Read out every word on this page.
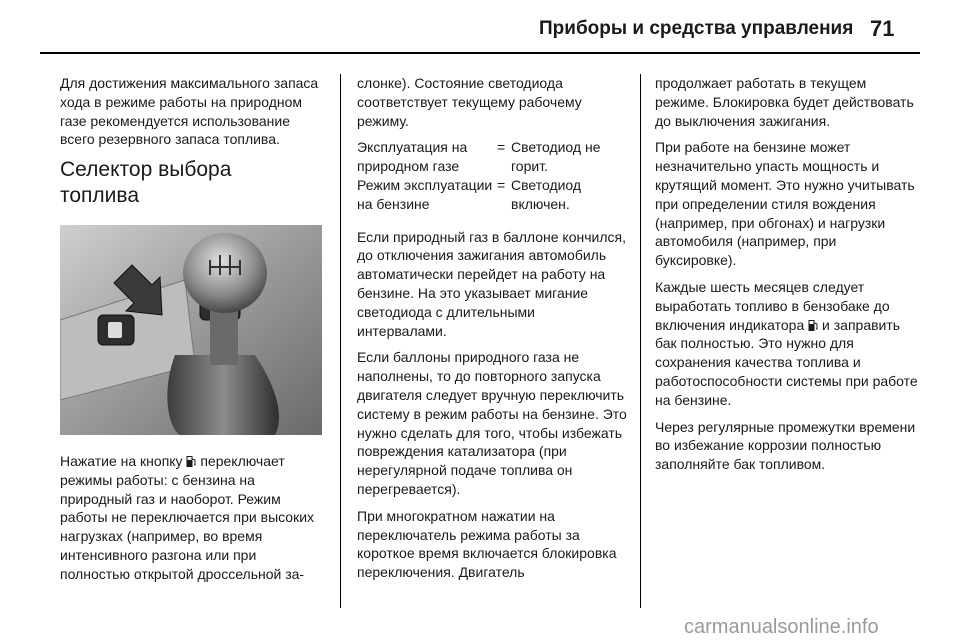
Приборы и средства управления 71

Для достижения максимального запаса хода в режиме работы на природном газе рекомендуется использование всего резервного запаса топлива.

Селектор выбора
топлива

Нажатие на кнопку  переключает режимы работы: с бензина на природный газ и наоборот. Режим работы не переключается при высоких нагрузках (например, во время интенсивного разгона или при полностью открытой дроссельной за-

слонке). Состояние светодиода соответствует текущему рабочему режиму.

Эксплуатация на природном газе
= Светодиод не горит.
Режим эксплуатации на бензине
= Светодиод включен.

Если природный газ в баллоне кончился, до отключения зажигания автомобиль автоматически перейдет на работу на бензине. На это указывает мигание светодиода с длительными интервалами.

Если баллоны природного газа не наполнены, то до повторного запуска двигателя следует вручную переключить систему в режим работы на бензине. Это нужно сделать для того, чтобы избежать повреждения катализатора (при нерегулярной подаче топлива он перегревается).

При многократном нажатии на переключатель режима работы за короткое время включается блокировка переключения. Двигатель

продолжает работать в текущем режиме. Блокировка будет действовать до выключения зажигания.

При работе на бензине может незначительно упасть мощность и крутящий момент. Это нужно учитывать при определении стиля вождения (например, при обгонах) и нагрузки автомобиля (например, при буксировке).

Каждые шесть месяцев следует выработать топливо в бензобаке до включения индикатора  и заправить бак полностью. Это нужно для сохранения качества топлива и работоспособности системы при работе на бензине.

Через регулярные промежутки времени во избежание коррозии полностью заполняйте бак топливом.

carmanualsonline.info
